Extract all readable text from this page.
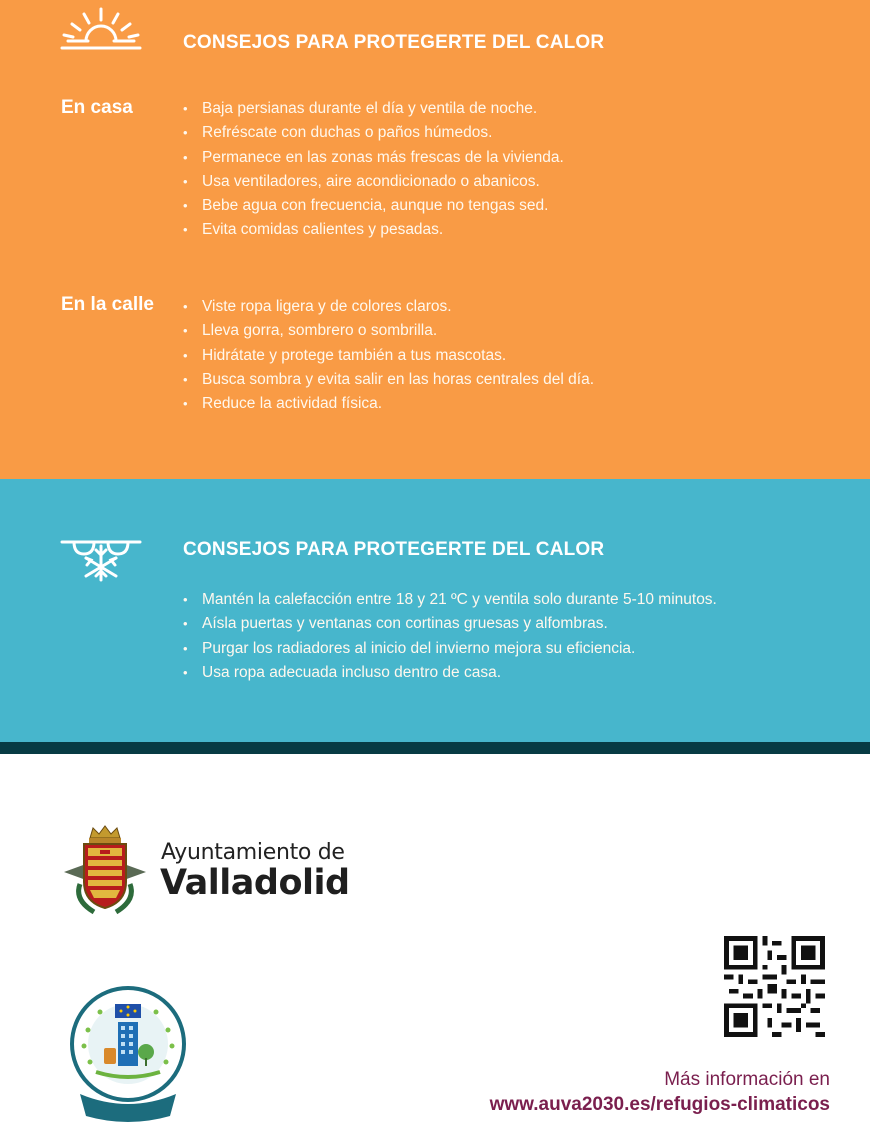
CONSEJOS PARA PROTEGERTE DEL CALOR
En casa	• Baja persianas durante el día y ventila de noche.
• Refréscate con duchas o paños húmedos.
• Permanece en las zonas más frescas de la vivienda.
• Usa ventiladores, aire acondicionado o abanicos.
• Bebe agua con frecuencia, aunque no tengas sed.
• Evita comidas calientes y pesadas.
En la calle	• Viste ropa ligera y de colores claros.
• Lleva gorra, sombrero o sombrilla.
• Hidrátate y protege también a tus mascotas.
• Busca sombra y evita salir en las horas centrales del día.
• Reduce la actividad física.
CONSEJOS PARA PROTEGERTE DEL CALOR
• Mantén la calefacción entre 18 y 21 ºC y ventila solo durante 5-10 minutos.
• Aísla puertas y ventanas con cortinas gruesas y alfombras.
• Purgar los radiadores al inicio del invierno mejora su eficiencia.
• Usa ropa adecuada incluso dentro de casa.
Ayuntamiento de
Valladolid
Más información en
www.auva2030.es/refugios-climaticos
